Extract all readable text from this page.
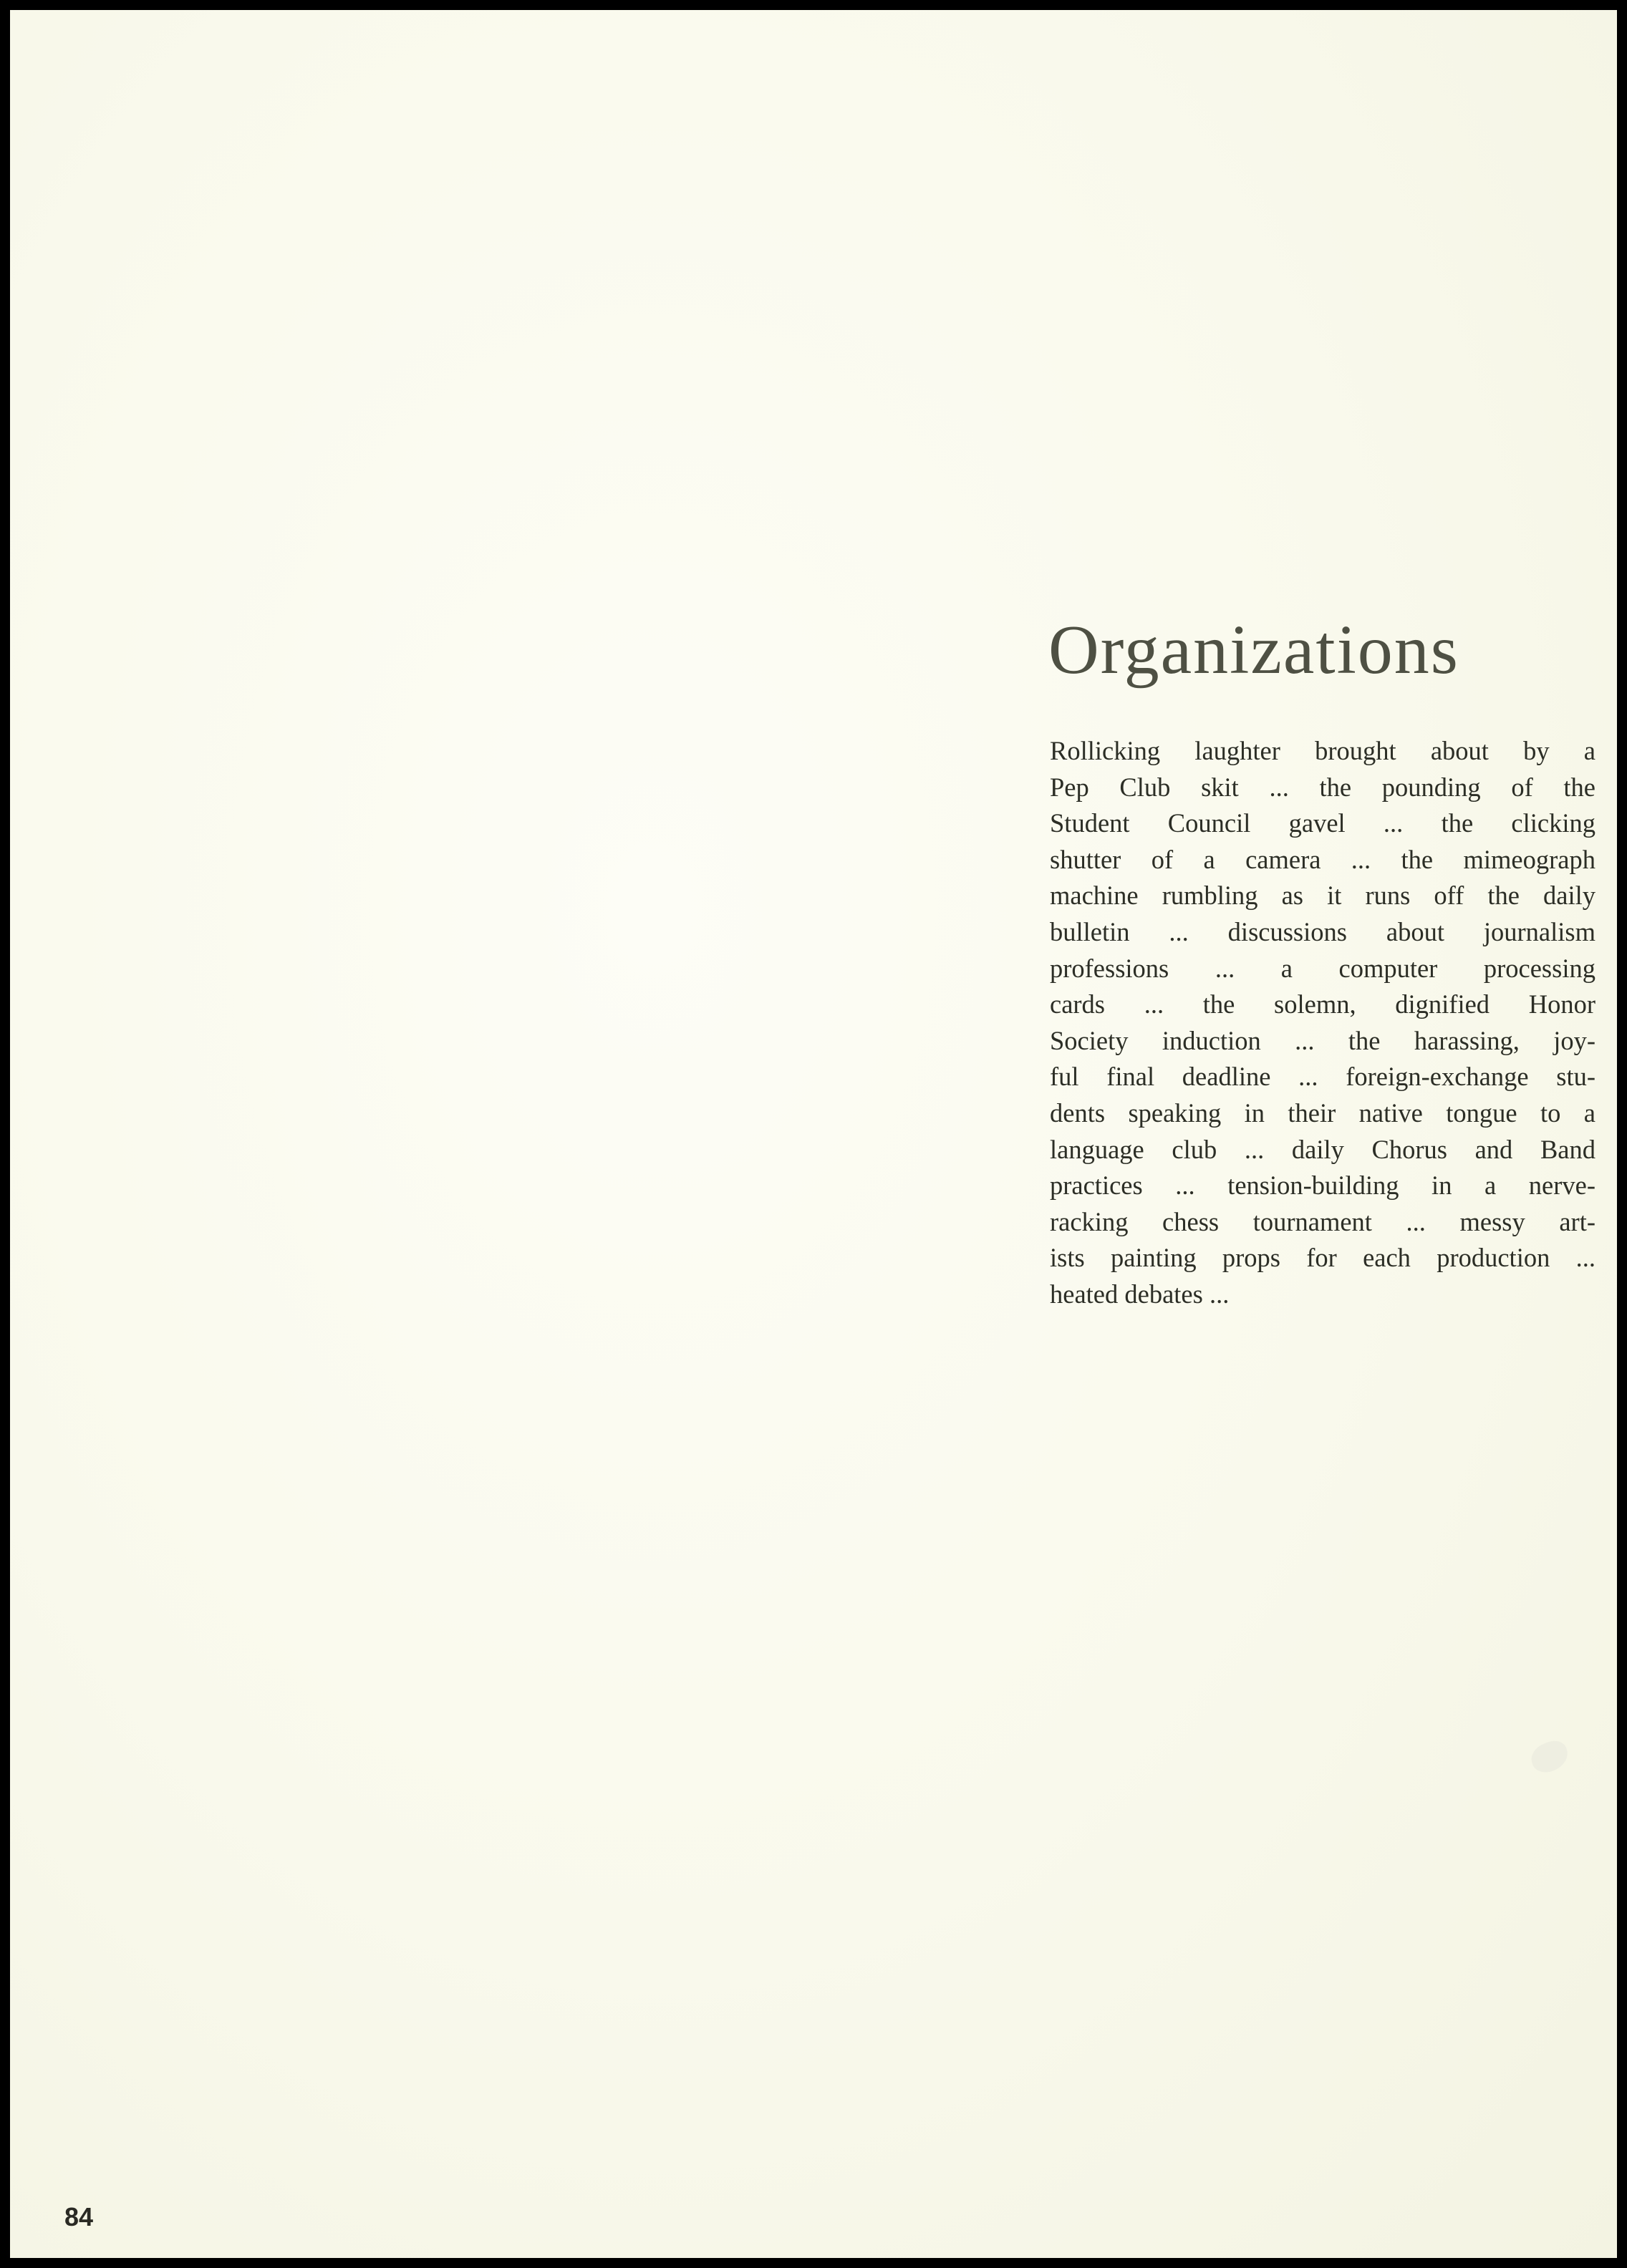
Organizations
Rollicking laughter brought about by a
Pep Club skit ... the pounding of the
Student Council gavel ... the clicking
shutter of a camera ... the mimeograph
machine rumbling as it runs off the daily
bulletin ... discussions about journalism
professions ... a computer processing
cards ... the solemn, dignified Honor
Society induction ... the harassing, joy-
ful final deadline ... foreign-exchange stu-
dents speaking in their native tongue to a
language club ... daily Chorus and Band
practices ... tension-building in a nerve-
racking chess tournament ... messy art-
ists painting props for each production ...
heated debates ...
84
